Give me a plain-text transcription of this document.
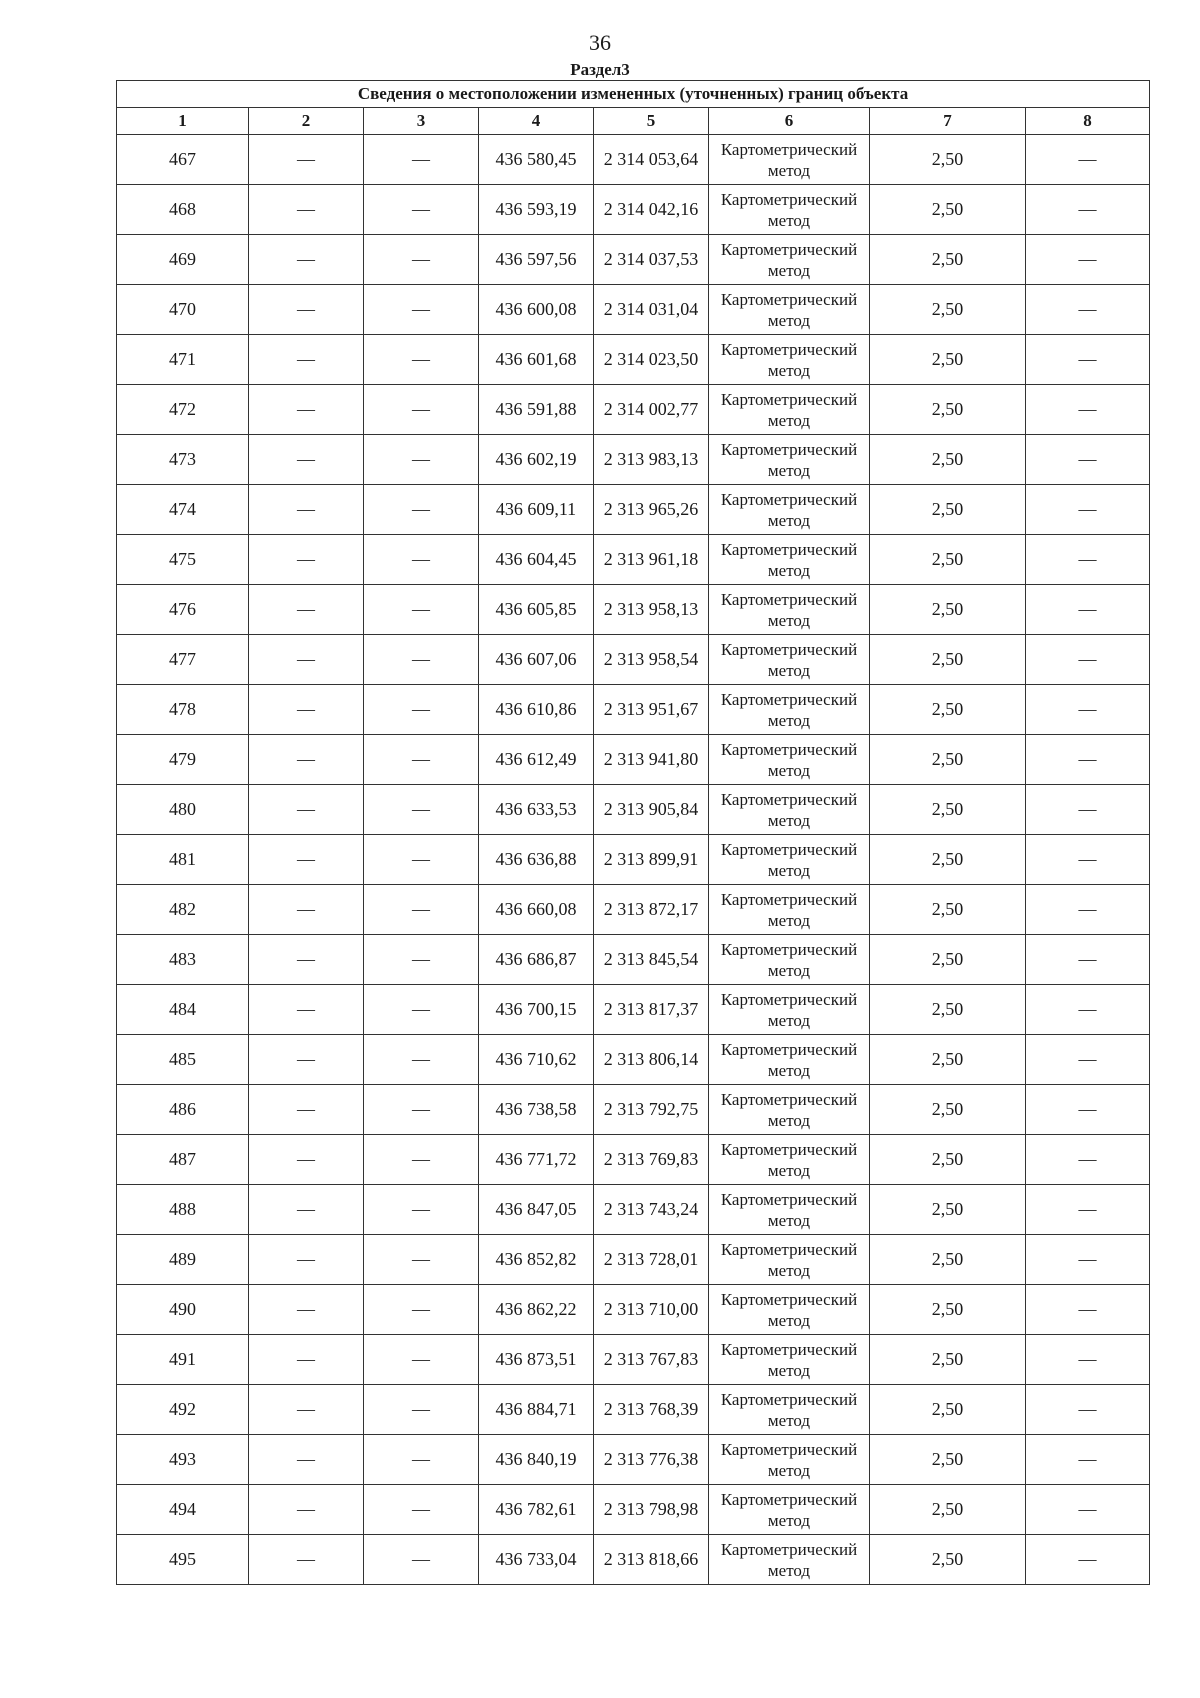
36
Раздел3
Сведения о местоположении измененных (уточненных) границ объекта							
1	2	3	4	5	6	7	8
467	—	—	436 580,45	2 314 053,64	Картометрический метод	2,50	—
468	—	—	436 593,19	2 314 042,16	Картометрический метод	2,50	—
469	—	—	436 597,56	2 314 037,53	Картометрический метод	2,50	—
470	—	—	436 600,08	2 314 031,04	Картометрический метод	2,50	—
471	—	—	436 601,68	2 314 023,50	Картометрический метод	2,50	—
472	—	—	436 591,88	2 314 002,77	Картометрический метод	2,50	—
473	—	—	436 602,19	2 313 983,13	Картометрический метод	2,50	—
474	—	—	436 609,11	2 313 965,26	Картометрический метод	2,50	—
475	—	—	436 604,45	2 313 961,18	Картометрический метод	2,50	—
476	—	—	436 605,85	2 313 958,13	Картометрический метод	2,50	—
477	—	—	436 607,06	2 313 958,54	Картометрический метод	2,50	—
478	—	—	436 610,86	2 313 951,67	Картометрический метод	2,50	—
479	—	—	436 612,49	2 313 941,80	Картометрический метод	2,50	—
480	—	—	436 633,53	2 313 905,84	Картометрический метод	2,50	—
481	—	—	436 636,88	2 313 899,91	Картометрический метод	2,50	—
482	—	—	436 660,08	2 313 872,17	Картометрический метод	2,50	—
483	—	—	436 686,87	2 313 845,54	Картометрический метод	2,50	—
484	—	—	436 700,15	2 313 817,37	Картометрический метод	2,50	—
485	—	—	436 710,62	2 313 806,14	Картометрический метод	2,50	—
486	—	—	436 738,58	2 313 792,75	Картометрический метод	2,50	—
487	—	—	436 771,72	2 313 769,83	Картометрический метод	2,50	—
488	—	—	436 847,05	2 313 743,24	Картометрический метод	2,50	—
489	—	—	436 852,82	2 313 728,01	Картометрический метод	2,50	—
490	—	—	436 862,22	2 313 710,00	Картометрический метод	2,50	—
491	—	—	436 873,51	2 313 767,83	Картометрический метод	2,50	—
492	—	—	436 884,71	2 313 768,39	Картометрический метод	2,50	—
493	—	—	436 840,19	2 313 776,38	Картометрический метод	2,50	—
494	—	—	436 782,61	2 313 798,98	Картометрический метод	2,50	—
495	—	—	436 733,04	2 313 818,66	Картометрический метод	2,50	—
